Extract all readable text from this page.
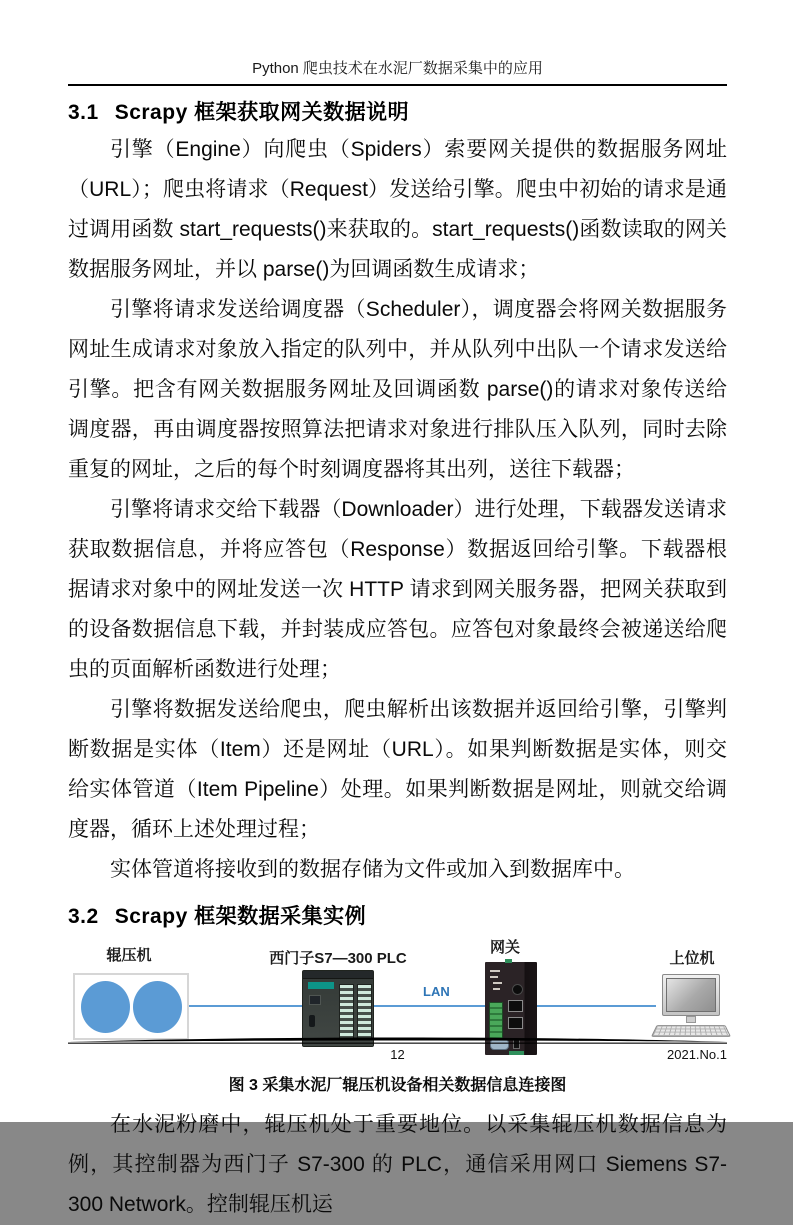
Python 爬虫技术在水泥厂数据采集中的应用
3.1 Scrapy 框架获取网关数据说明

引擎（Engine）向爬虫（Spiders）索要网关提供的数据服务网址（URL）；爬虫将请求（Request）发送给引擎。爬虫中初始的请求是通过调用函数 start_requests()来获取的。start_requests()函数读取的网关数据服务网址，并以 parse()为回调函数生成请求；

引擎将请求发送给调度器（Scheduler），调度器会将网关数据服务网址生成请求对象放入指定的队列中，并从队列中出队一个请求发送给引擎。把含有网关数据服务网址及回调函数 parse()的请求对象传送给调度器，再由调度器按照算法把请求对象进行排队压入队列，同时去除重复的网址，之后的每个时刻调度器将其出列，送往下载器；

引擎将请求交给下载器（Downloader）进行处理，下载器发送请求获取数据信息，并将应答包（Response）数据返回给引擎。下载器根据请求对象中的网址发送一次 HTTP 请求到网关服务器，把网关获取到的设备数据信息下载，并封装成应答包。应答包对象最终会被递送给爬虫的页面解析函数进行处理；

引擎将数据发送给爬虫，爬虫解析出该数据并返回给引擎，引擎判断数据是实体（Item）还是网址（URL）。如果判断数据是实体，则交给实体管道（Item Pipeline）处理。如果判断数据是网址，则就交给调度器，循环上述处理过程；

实体管道将接收到的数据存储为文件或加入到数据库中。

3.2 Scrapy 框架数据采集实例
辊压机	西门子S7—300 PLC
网关
上位机
LAN
图 3 采集水泥厂辊压机设备相关数据信息连接图

在水泥粉磨中，辊压机处于重要地位。以采集辊压机数据信息为例，其控制器为西门子 S7-300 的 PLC，通信采用网口 Siemens S7-300 Network。控制辊压机运

12	2021.No.1
